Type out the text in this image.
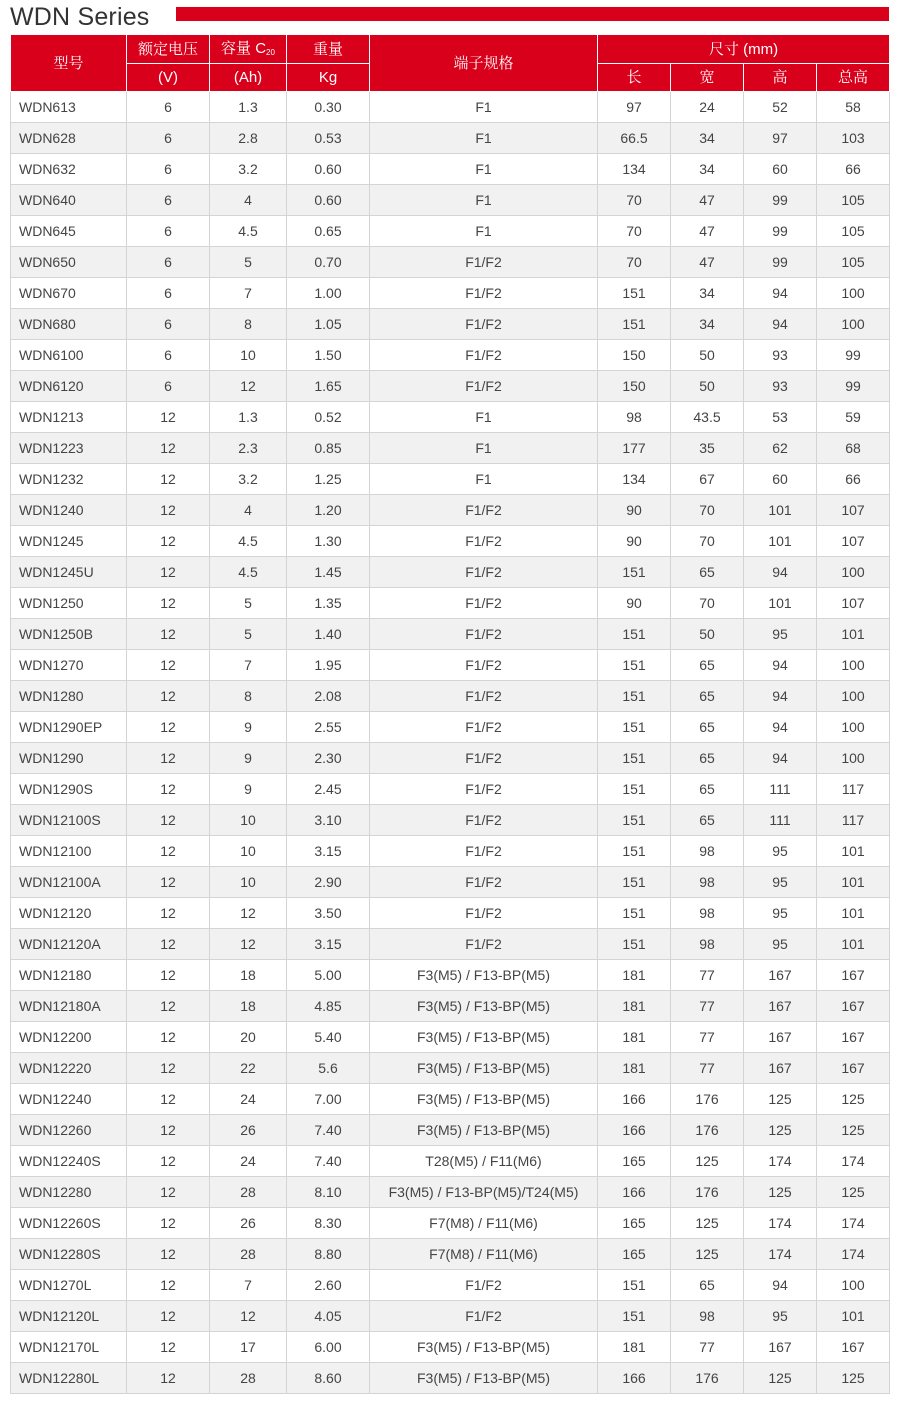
WDN Series
型号	额定电压	容量 $C_{20}$	重量	端子规格	尺寸 (mm)			
	(V)	(Ah)	Kg		长	宽	高	总高
WDN613	6	1.3	0.30	F1	97	24	52	58
WDN628	6	2.8	0.53	F1	66.5	34	97	103
WDN632	6	3.2	0.60	F1	134	34	60	66
WDN640	6	4	0.60	F1	70	47	99	105
WDN645	6	4.5	0.65	F1	70	47	99	105
WDN650	6	5	0.70	F1/F2	70	47	99	105
WDN670	6	7	1.00	F1/F2	151	34	94	100
WDN680	6	8	1.05	F1/F2	151	34	94	100
WDN6100	6	10	1.50	F1/F2	150	50	93	99
WDN6120	6	12	1.65	F1/F2	150	50	93	99
WDN1213	12	1.3	0.52	F1	98	43.5	53	59
WDN1223	12	2.3	0.85	F1	177	35	62	68
WDN1232	12	3.2	1.25	F1	134	67	60	66
WDN1240	12	4	1.20	F1/F2	90	70	101	107
WDN1245	12	4.5	1.30	F1/F2	90	70	101	107
WDN1245U	12	4.5	1.45	F1/F2	151	65	94	100
WDN1250	12	5	1.35	F1/F2	90	70	101	107
WDN1250B	12	5	1.40	F1/F2	151	50	95	101
WDN1270	12	7	1.95	F1/F2	151	65	94	100
WDN1280	12	8	2.08	F1/F2	151	65	94	100
WDN1290EP	12	9	2.55	F1/F2	151	65	94	100
WDN1290	12	9	2.30	F1/F2	151	65	94	100
WDN1290S	12	9	2.45	F1/F2	151	65	111	117
WDN12100S	12	10	3.10	F1/F2	151	65	111	117
WDN12100	12	10	3.15	F1/F2	151	98	95	101
WDN12100A	12	10	2.90	F1/F2	151	98	95	101
WDN12120	12	12	3.50	F1/F2	151	98	95	101
WDN12120A	12	12	3.15	F1/F2	151	98	95	101
WDN12180	12	18	5.00	F3(M5) / F13-BP(M5)	181	77	167	167
WDN12180A	12	18	4.85	F3(M5) / F13-BP(M5)	181	77	167	167
WDN12200	12	20	5.40	F3(M5) / F13-BP(M5)	181	77	167	167
WDN12220	12	22	5.6	F3(M5) / F13-BP(M5)	181	77	167	167
WDN12240	12	24	7.00	F3(M5) / F13-BP(M5)	166	176	125	125
WDN12260	12	26	7.40	F3(M5) / F13-BP(M5)	166	176	125	125
WDN12240S	12	24	7.40	T28(M5) / F11(M6)	165	125	174	174
WDN12280	12	28	8.10	F3(M5) / F13-BP(M5)/T24(M5)	166	176	125	125
WDN12260S	12	26	8.30	F7(M8) / F11(M6)	165	125	174	174
WDN12280S	12	28	8.80	F7(M8) / F11(M6)	165	125	174	174
WDN1270L	12	7	2.60	F1/F2	151	65	94	100
WDN12120L	12	12	4.05	F1/F2	151	98	95	101
WDN12170L	12	17	6.00	F3(M5) / F13-BP(M5)	181	77	167	167
WDN12280L	12	28	8.60	F3(M5) / F13-BP(M5)	166	176	125	125
